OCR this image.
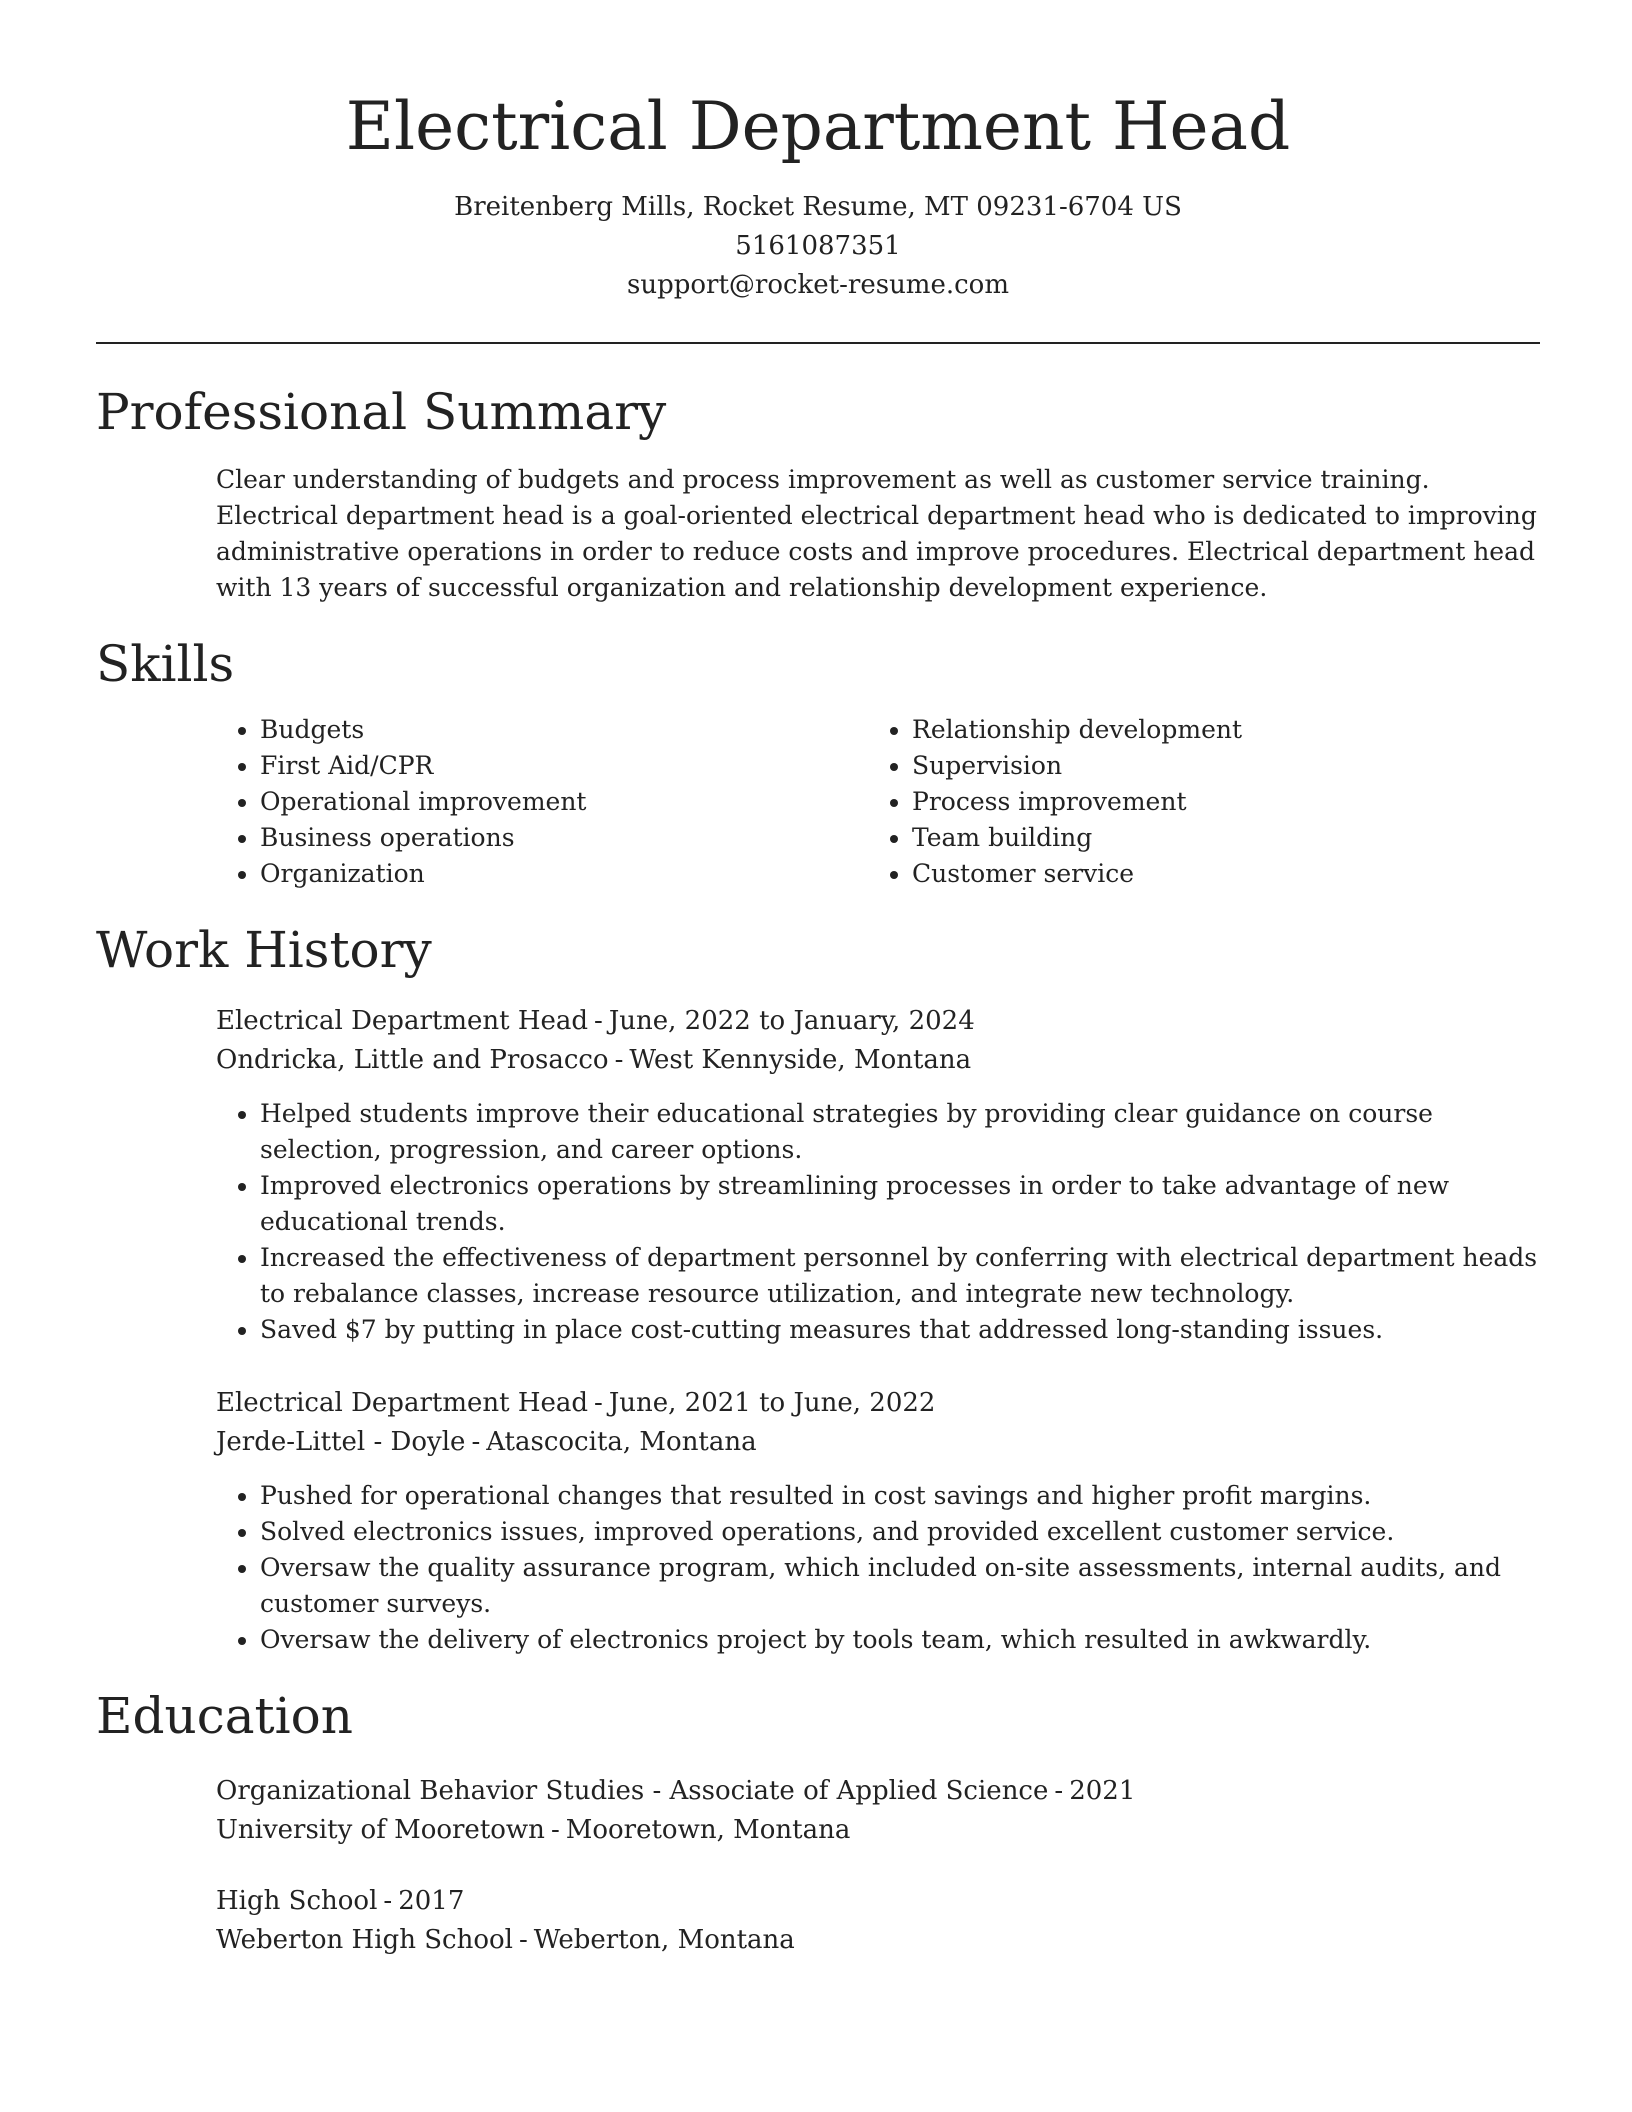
Electrical Department Head
Breitenberg Mills, Rocket Resume, MT 09231-6704 US
5161087351
support@rocket-resume.com
Professional Summary

Clear understanding of budgets and process improvement as well as customer service training. Electrical department head is a goal-oriented electrical department head who is dedicated to improving administrative operations in order to reduce costs and improve procedures. Electrical department head with 13 years of successful organization and relationship development experience.

Skills
• Budgets
• First Aid/CPR
• Operational improvement
• Business operations
• Organization
• Relationship development
• Supervision
• Process improvement
• Team building
• Customer service
Work History
Electrical Department Head - June, 2022 to January, 2024
Ondricka, Little and Prosacco - West Kennyside, Montana
• Helped students improve their educational strategies by providing clear guidance on course selection, progression, and career options.
• Improved electronics operations by streamlining processes in order to take advantage of new educational trends.
• Increased the effectiveness of department personnel by conferring with electrical department heads to rebalance classes, increase resource utilization, and integrate new technology.
• Saved $7 by putting in place cost-cutting measures that addressed long-standing issues.
Electrical Department Head - June, 2021 to June, 2022
Jerde-Littel - Doyle - Atascocita, Montana
• Pushed for operational changes that resulted in cost savings and higher profit margins.
• Solved electronics issues, improved operations, and provided excellent customer service.
• Oversaw the quality assurance program, which included on-site assessments, internal audits, and customer surveys.
• Oversaw the delivery of electronics project by tools team, which resulted in awkwardly.
Education
Organizational Behavior Studies - Associate of Applied Science - 2021
University of Mooretown - Mooretown, Montana
High School - 2017
Weberton High School - Weberton, Montana
